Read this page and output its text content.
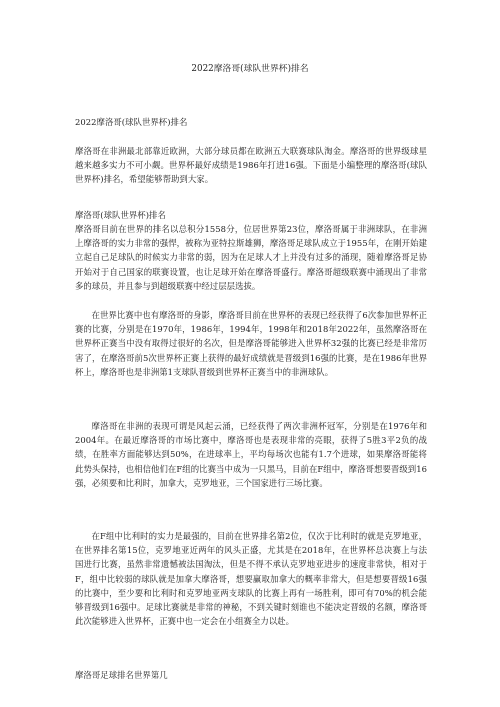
2022摩洛哥(球队世界杯)排名
2022摩洛哥(球队世界杯)排名

摩洛哥在非洲最北部靠近欧洲，大部分球员都在欧洲五大联赛球队淘金。摩洛哥的世界级球星越来越多实力不可小觑。世界杯最好成绩是1986年打进16强。下面是小编整理的摩洛哥(球队世界杯)排名，希望能够帮助到大家。

摩洛哥(球队世界杯)排名

摩洛哥目前在世界的排名以总积分1558分，位居世界第23位，摩洛哥属于非洲球队，在非洲上摩洛哥的实力非常的强悍，被称为亚特拉斯雄狮，摩洛哥足球队成立于1955年，在刚开始建立起自己足球队的时候实力非常的弱，因为在足球人才上并没有过多的涌现，随着摩洛哥足协开始对于自己国家的联赛设置，也让足球开始在摩洛哥盛行。摩洛哥超级联赛中涌现出了非常多的球员，并且参与到超级联赛中经过层层选拔。

在世界比赛中也有摩洛哥的身影，摩洛哥目前在世界杯的表现已经获得了6次参加世界杯正赛的比赛，分别是在1970年，1986年，1994年，1998年和2018年2022年，虽然摩洛哥在世界杯正赛当中没有取得过很好的名次，但是摩洛哥能够进入世界杯32强的比赛已经是非常厉害了，在摩洛哥前5次世界杯正赛上获得的最好成绩就是晋级到16强的比赛，是在1986年世界杯上，摩洛哥也是非洲第1支球队晋级到世界杯正赛当中的非洲球队。

摩洛哥在非洲的表现可谓是风起云涌，已经获得了两次非洲杯冠军，分别是在1976年和2004年。在最近摩洛哥的市场比赛中，摩洛哥也是表现非常的亮眼，获得了5胜3平2负的战绩，在胜率方面能够达到50%，在进球率上，平均每场次也能有1.7个进球，如果摩洛哥能将此势头保持，也相信他们在F组的比赛当中成为一只黑马，目前在F组中，摩洛哥想要晋级到16强，必须要和比利时，加拿大，克罗地亚，三个国家进行三场比赛。

在F组中比利时的实力是最强的，目前在世界排名第2位，仅次于比利时的就是克罗地亚，在世界排名第15位，克罗地亚近两年的风头正盛，尤其是在2018年，在世界杯总决赛上与法国进行比赛，虽然非常遗憾被法国淘汰，但是不得不承认克罗地亚进步的速度非常快，相对于F，组中比较弱的球队就是加拿大摩洛哥，想要赢取加拿大的概率非常大，但是想要晋级16强的比赛中，至少要和比利时和克罗地亚两支球队的比赛上再有一场胜利，即可有70%的机会能够晋级到16强中。足球比赛就是非常的神秘，不到关键时刻谁也不能决定晋级的名额，摩洛哥此次能够进入世界杯，正赛中也一定会在小组赛全力以赴。

摩洛哥足球排名世界第几
